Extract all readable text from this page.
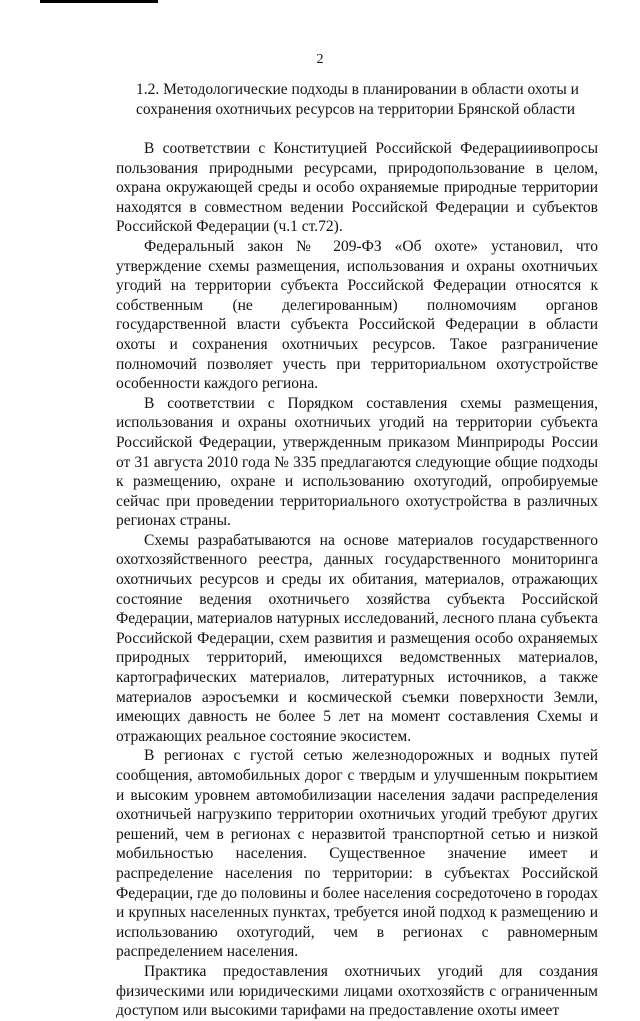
2
1.2. Методологические подходы в планировании в области охоты и сохранения охотничьих ресурсов на территории Брянской области

В соответствии с Конституцией Российской Федерацииивопросы пользования природными ресурсами, природопользование в целом, охрана окружающей среды и особо охраняемые природные территории находятся в совместном ведении Российской Федерации и субъектов Российской Федерации (ч.1 ст.72).

Федеральный закон № 209-ФЗ «Об охоте» установил, что утверждение схемы размещения, использования и охраны охотничьих угодий на территории субъекта Российской Федерации относятся к собственным (не делегированным) полномочиям органов государственной власти субъекта Российской Федерации в области охоты и сохранения охотничьих ресурсов. Такое разграничение полномочий позволяет учесть при территориальном охотустройстве особенности каждого региона.

В соответствии с Порядком составления схемы размещения, использования и охраны охотничьих угодий на территории субъекта Российской Федерации, утвержденным приказом Минприроды России от 31 августа 2010 года № 335 предлагаются следующие общие подходы к размещению, охране и использованию охотугодий, опробируемые сейчас при проведении территориального охотустройства в различных регионах страны.

Схемы разрабатываются на основе материалов государственного охотхозяйственного реестра, данных государственного мониторинга охотничьих ресурсов и среды их обитания, материалов, отражающих состояние ведения охотничьего хозяйства субъекта Российской Федерации, материалов натурных исследований, лесного плана субъекта Российской Федерации, схем развития и размещения особо охраняемых природных территорий, имеющихся ведомственных материалов, картографических материалов, литературных источников, а также материалов аэросъемки и космической съемки поверхности Земли, имеющих давность не более 5 лет на момент составления Схемы и отражающих реальное состояние экосистем.

В регионах с густой сетью железнодорожных и водных путей сообщения, автомобильных дорог с твердым и улучшенным покрытием и высоким уровнем автомобилизации населения задачи распределения охотничьей нагрузкипо территории охотничьих угодий требуют других решений, чем в регионах с неразвитой транспортной сетью и низкой мобильностью населения. Существенное значение имеет и распределение населения по территории: в субъектах Российской Федерации, где до половины и более населения сосредоточено в городах и крупных населенных пунктах, требуется иной подход к размещению и использованию охотугодий, чем в регионах с равномерным распределением населения.

Практика предоставления охотничьих угодий для создания физическими или юридическими лицами охотхозяйств с ограниченным доступом или высокими тарифами на предоставление охоты имеет
